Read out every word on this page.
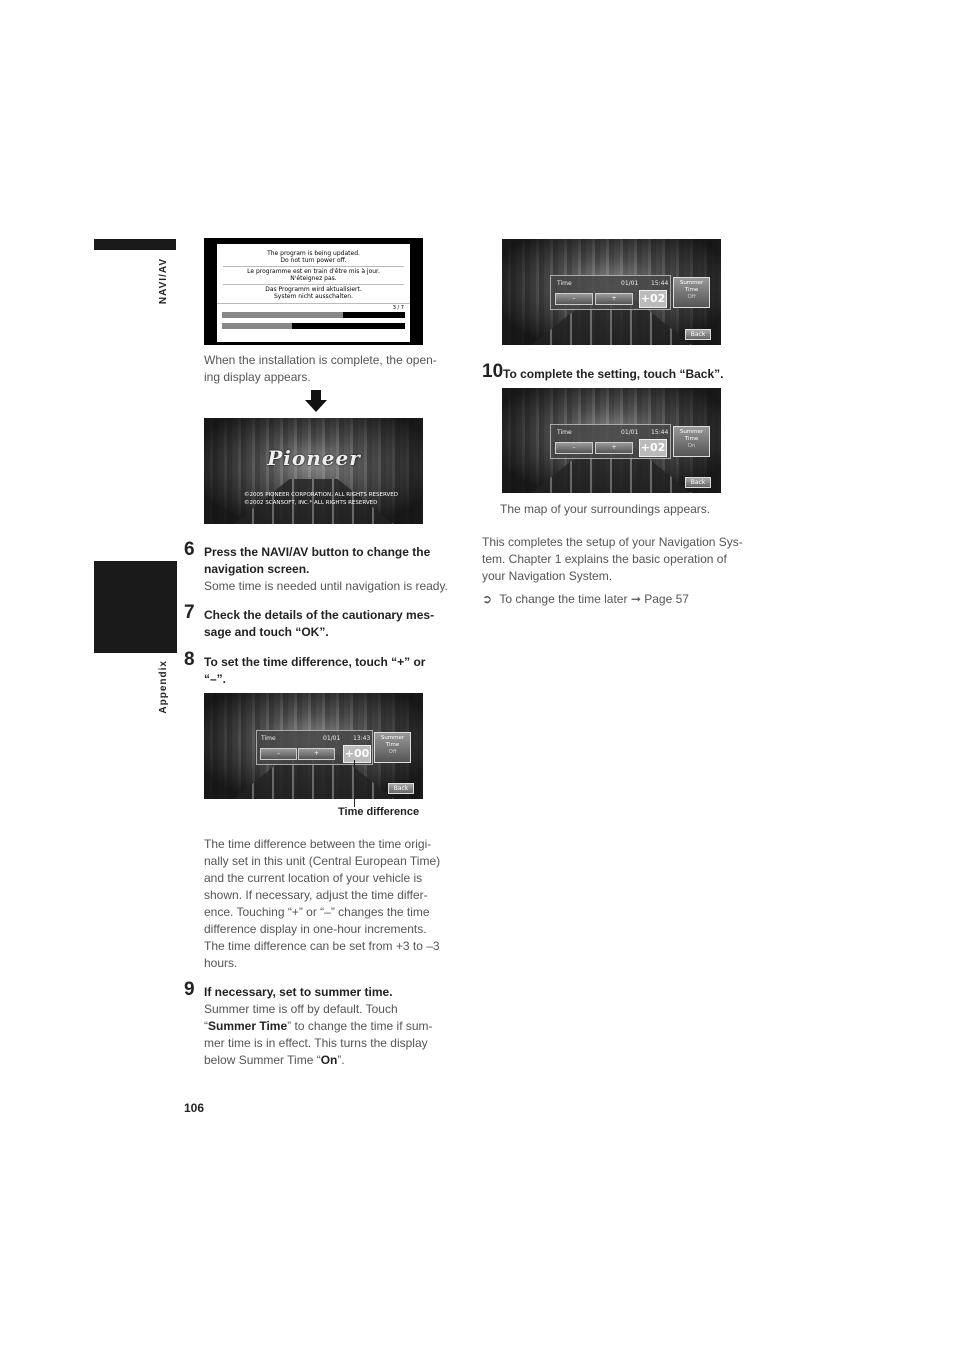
NAVI/AV
Appendix
The program is being updated.
Do not turn power off.
Le programme est en train d'être mis à jour.
N'éteignez pas.
Das Programm wird aktualisiert.
System nicht ausschalten.
3 / 7
When the installation is complete, the open-
ing display appears.
Pioneer
©2005 PIONEER CORPORATION. ALL RIGHTS RESERVED
©2002 SCANSOFT, INC.* ALL RIGHTS RESERVED
6 Press the NAVI/AV button to change the
navigation screen.
Some time is needed until navigation is ready.
7 Check the details of the cautionary mes-
sage and touch “OK”.
8 To set the time difference, touch “+” or
“–”.
Time	01/01 13:43
–	+	+00
Summer Time
Off
Back
Time difference
The time difference between the time origi-
nally set in this unit (Central European Time)
and the current location of your vehicle is
shown. If necessary, adjust the time differ-
ence. Touching “+” or “–” changes the time
difference display in one-hour increments.
The time difference can be set from +3 to –3
hours.
9 If necessary, set to summer time.
Summer time is off by default. Touch
“Summer Time” to change the time if sum-
mer time is in effect. This turns the display
below Summer Time “On”.
106
Time	01/01 15:44
–	+	+02
Summer Time
Off
Back
10 To complete the setting, touch “Back”.
Time	01/01 15:44
–	+	+02
Summer Time
On
Back
The map of your surroundings appears.
This completes the setup of your Navigation Sys-
tem. Chapter 1 explains the basic operation of
your Navigation System.
➲ To change the time later ➞ Page 57
